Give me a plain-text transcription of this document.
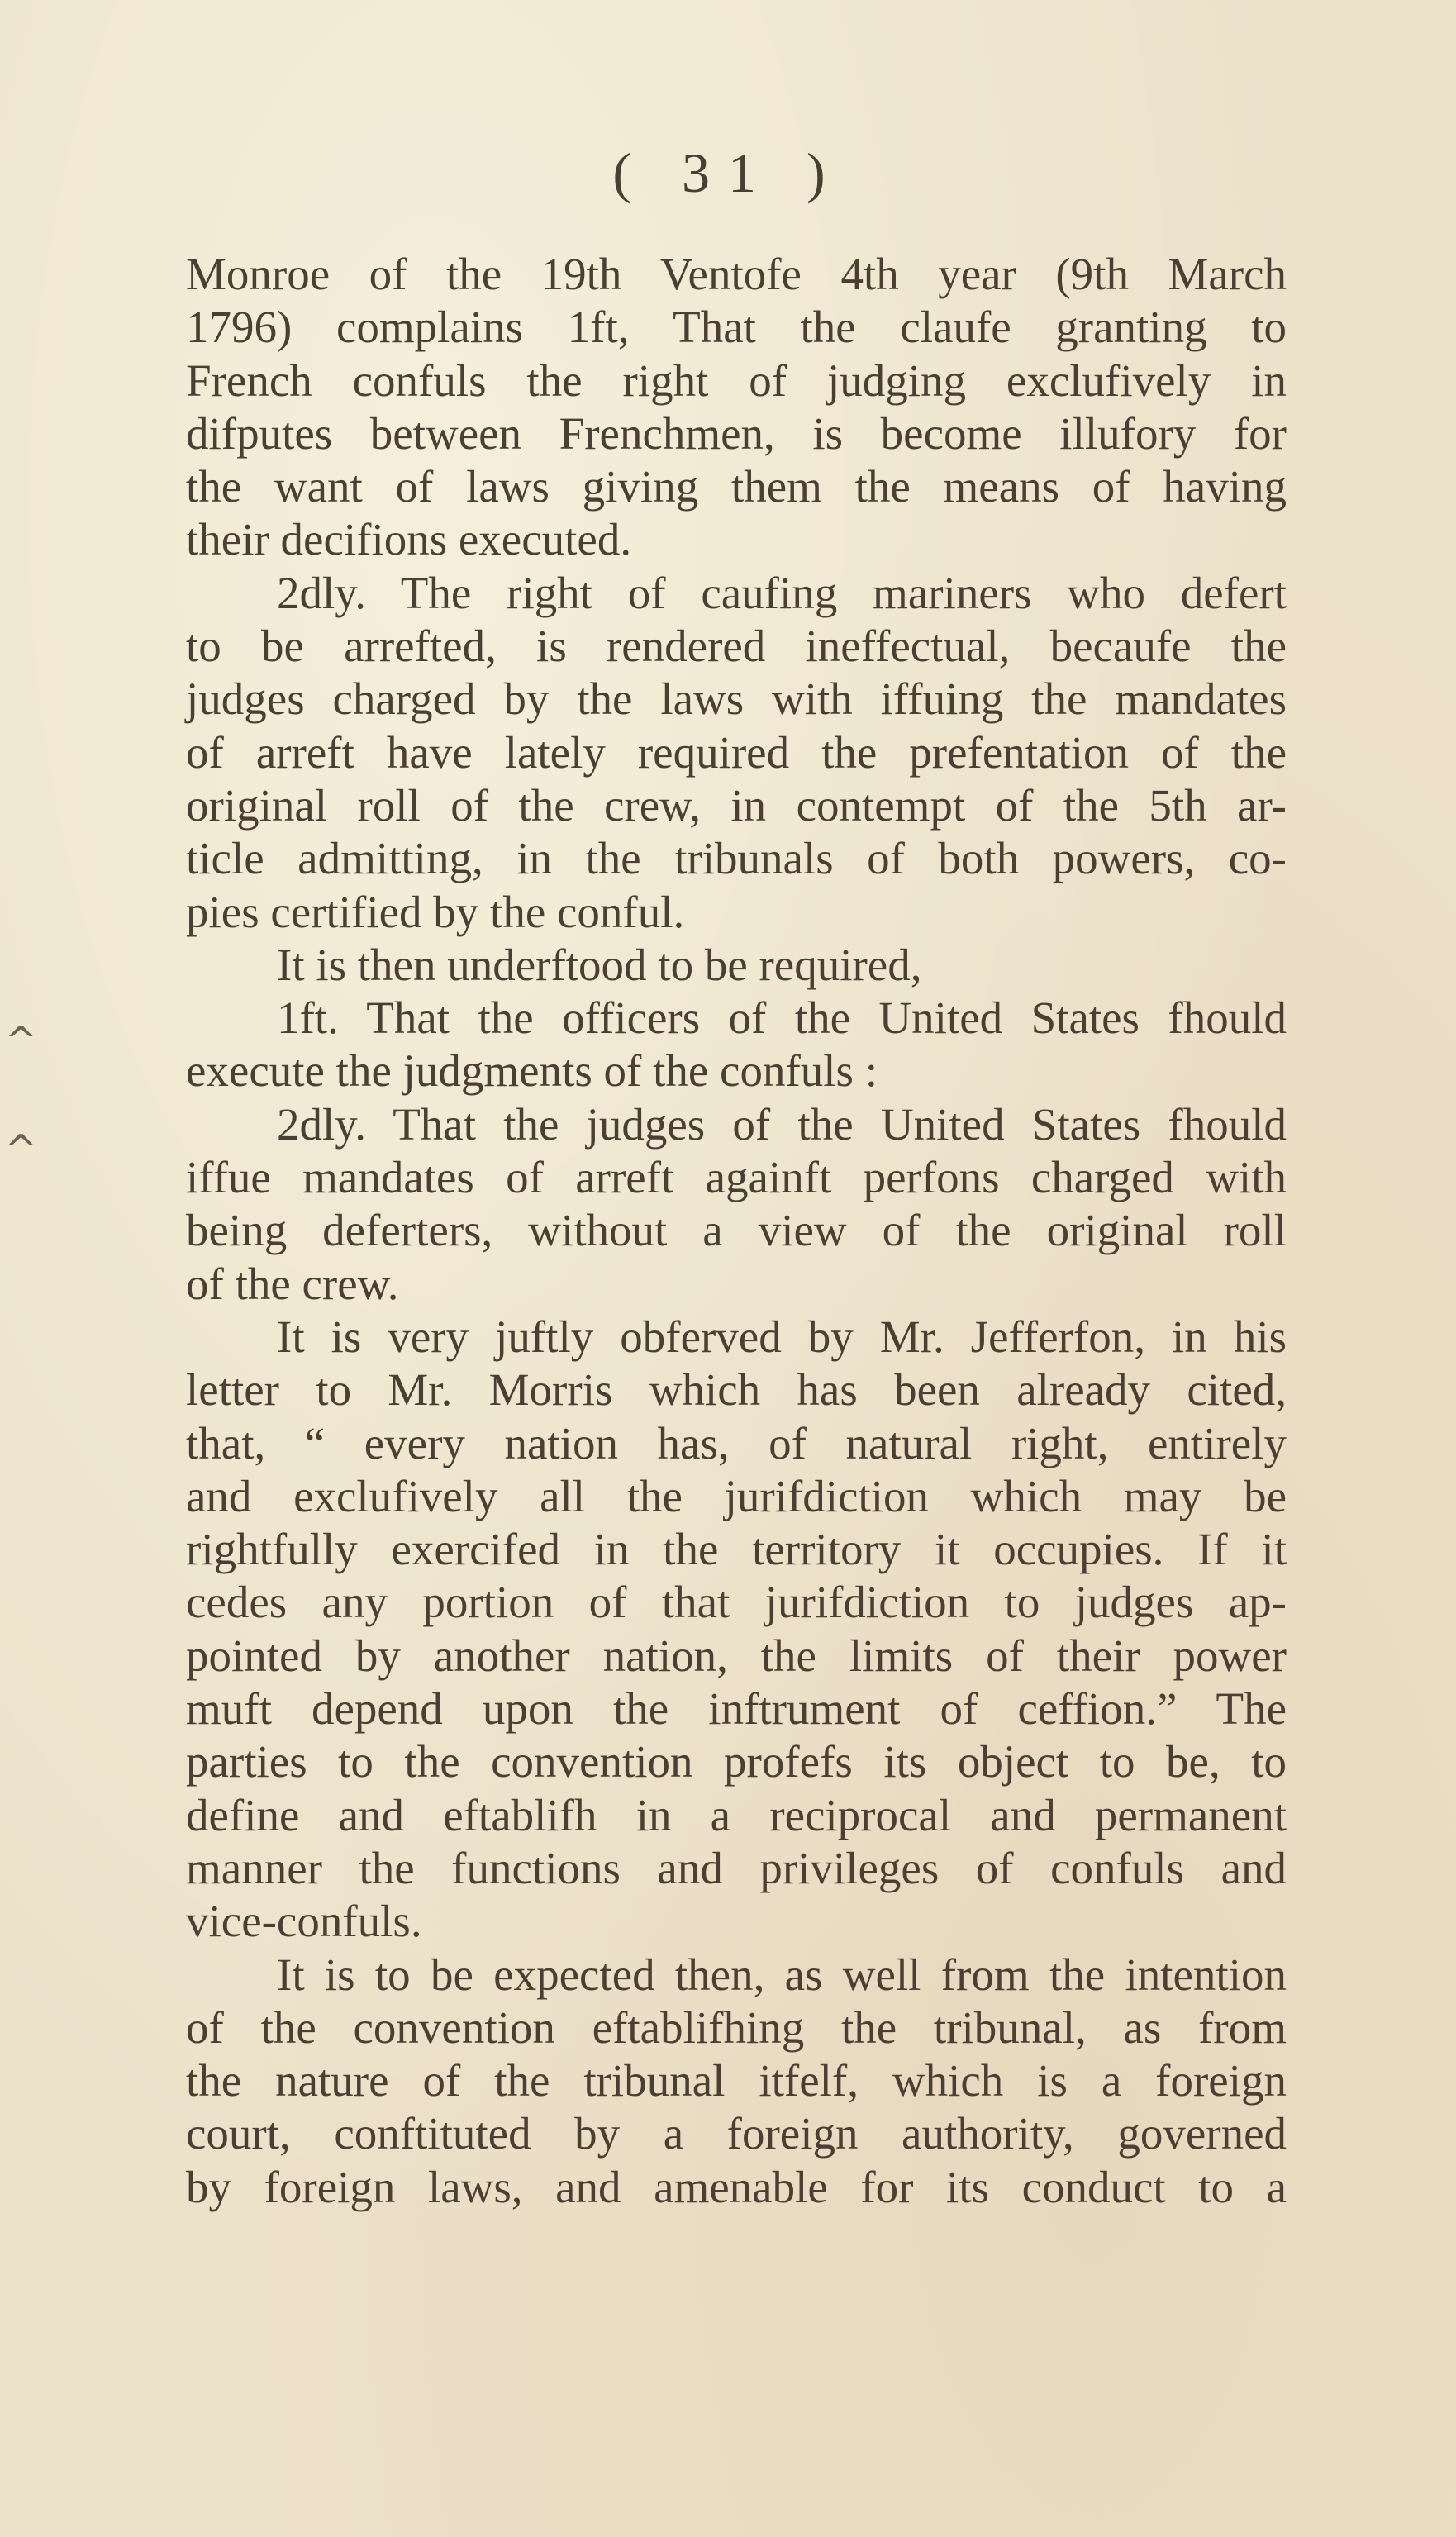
( 31 )
^
^
Monroe of the 19th Ventofe 4th year (9th March
1796) complains 1ft, That the claufe granting to
French confuls the right of judging exclufively in
difputes between Frenchmen, is become illufory for
the want of laws giving them the means of having
their decifions executed.
2dly. The right of caufing mariners who defert
to be arrefted, is rendered ineffectual, becaufe the
judges charged by the laws with iffuing the mandates
of arreft have lately required the prefentation of the
original roll of the crew, in contempt of the 5th ar-
ticle admitting, in the tribunals of both powers, co-
pies certified by the conful.
It is then underftood to be required,
1ft. That the officers of the United States fhould
execute the judgments of the confuls :
2dly. That the judges of the United States fhould
iffue mandates of arreft againft perfons charged with
being deferters, without a view of the original roll
of the crew.
It is very juftly obferved by Mr. Jefferfon, in his
letter to Mr. Morris which has been already cited,
that, “ every nation has, of natural right, entirely
and exclufively all the jurifdiction which may be
rightfully exercifed in the territory it occupies. If it
cedes any portion of that jurifdiction to judges ap-
pointed by another nation, the limits of their power
muft depend upon the inftrument of ceffion.” The
parties to the convention profefs its object to be, to
define and eftablifh in a reciprocal and permanent
manner the functions and privileges of confuls and
vice-confuls.
It is to be expected then, as well from the intention
of the convention eftablifhing the tribunal, as from
the nature of the tribunal itfelf, which is a foreign
court, conftituted by a foreign authority, governed
by foreign laws, and amenable for its conduct to a
